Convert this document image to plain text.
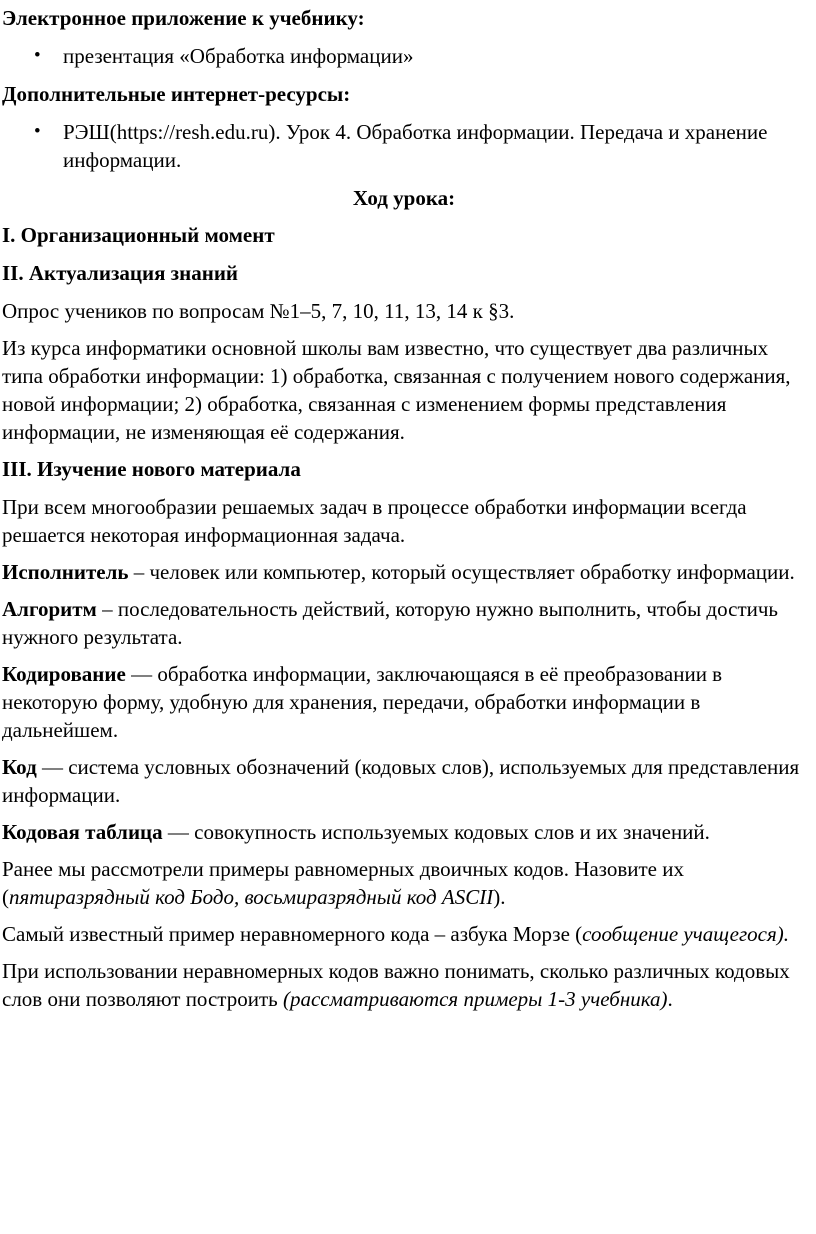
Электронное приложение к учебнику:

• презентация «Обработка информации»

Дополнительные интернет-ресурсы:

• РЭШ(https://resh.edu.ru). Урок 4. Обработка информации. Передача и хранение информации.

Ход урока:

I. Организационный момент

II. Актуализация знаний

Опрос учеников по вопросам №1–5, 7, 10, 11, 13, 14 к §3.

Из курса информатики основной школы вам известно, что существует два различных типа обработки информации: 1) обработка, связанная с получением нового содержания, новой информации; 2) обработка, связанная с изменением формы представления информации, не изменяющая её содержания.

III. Изучение нового материала

При всем многообразии решаемых задач в процессе обработки информации всегда решается некоторая информационная задача.

Исполнитель – человек или компьютер, который осуществляет обработку информации.

Алгоритм – последовательность действий, которую нужно выполнить, чтобы достичь нужного результата.

Кодирование — обработка информации, заключающаяся в её преобразовании в некоторую форму, удобную для хранения, передачи, обработки информации в дальнейшем.

Код — система условных обозначений (кодовых слов), используемых для представления информации.

Кодовая таблица — совокупность используемых кодовых слов и их значений.

Ранее мы рассмотрели примеры равномерных двоичных кодов. Назовите их (пятиразрядный код Бодо, восьмиразрядный код ASCII).

Самый известный пример неравномерного кода – азбука Морзе (сообщение учащегося).

При использовании неравномерных кодов важно понимать, сколько различных кодовых слов они позволяют построить (рассматриваются примеры 1-3 учебника).
